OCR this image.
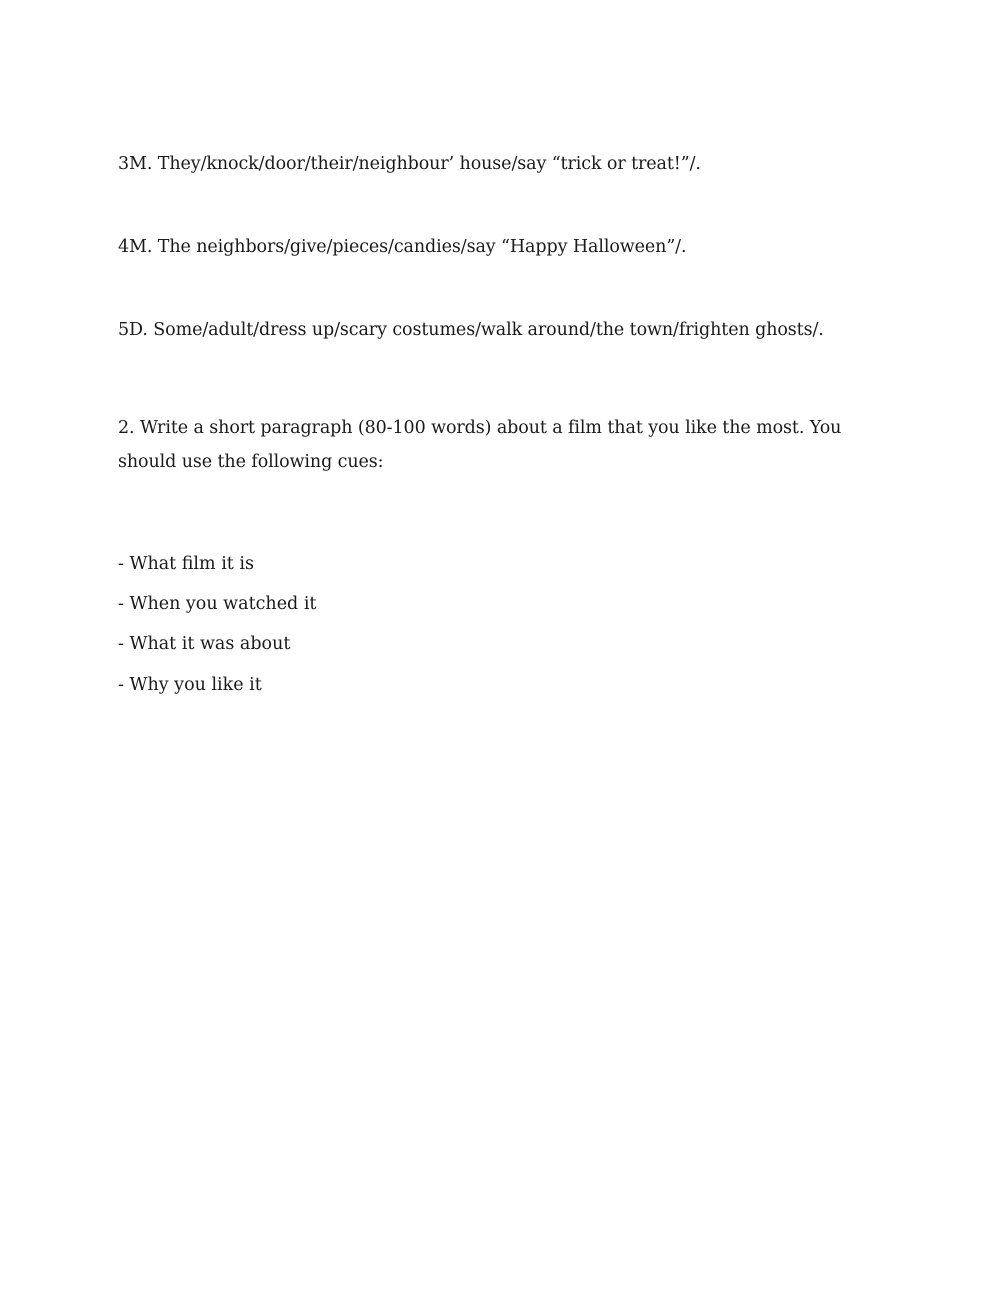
3M. They/knock/door/their/neighbour’ house/say “trick or treat!”/.
4M. The neighbors/give/pieces/candies/say “Happy Halloween”/.
5D. Some/adult/dress up/scary costumes/walk around/the town/frighten ghosts/.
2. Write a short paragraph (80-100 words) about a film that you like the most. You should use the following cues:
- What film it is
- When you watched it
- What it was about
- Why you like it
